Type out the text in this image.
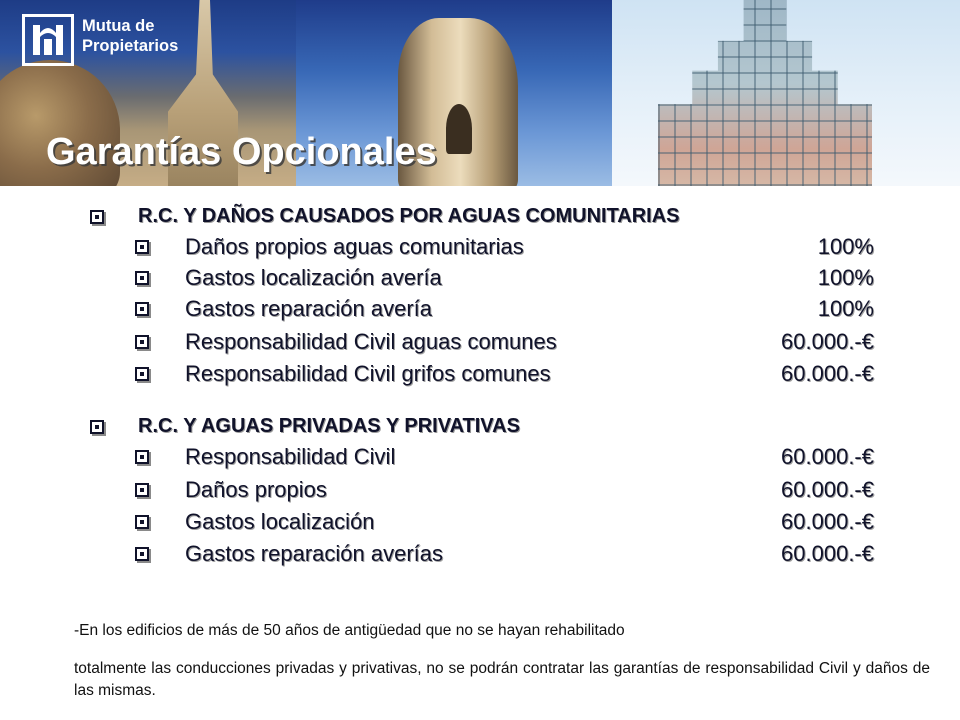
Mutua de
Propietarios
Garantías Opcionales
R.C. Y DAÑOS CAUSADOS POR AGUAS COMUNITARIAS
Daños propios aguas comunitarias	100%
Gastos localización avería	100%
Gastos reparación avería	100%
Responsabilidad Civil aguas comunes	60.000.-€
Responsabilidad Civil grifos comunes	60.000.-€
R.C. Y AGUAS PRIVADAS Y PRIVATIVAS
Responsabilidad Civil	60.000.-€
Daños propios	60.000.-€
Gastos localización	60.000.-€
Gastos reparación averías	60.000.-€

-En los edificios de más de 50 años de antigüedad que no se hayan rehabilitado

totalmente las conducciones privadas y privativas, no se podrán contratar las garantías de responsabilidad Civil y daños de las mismas.
